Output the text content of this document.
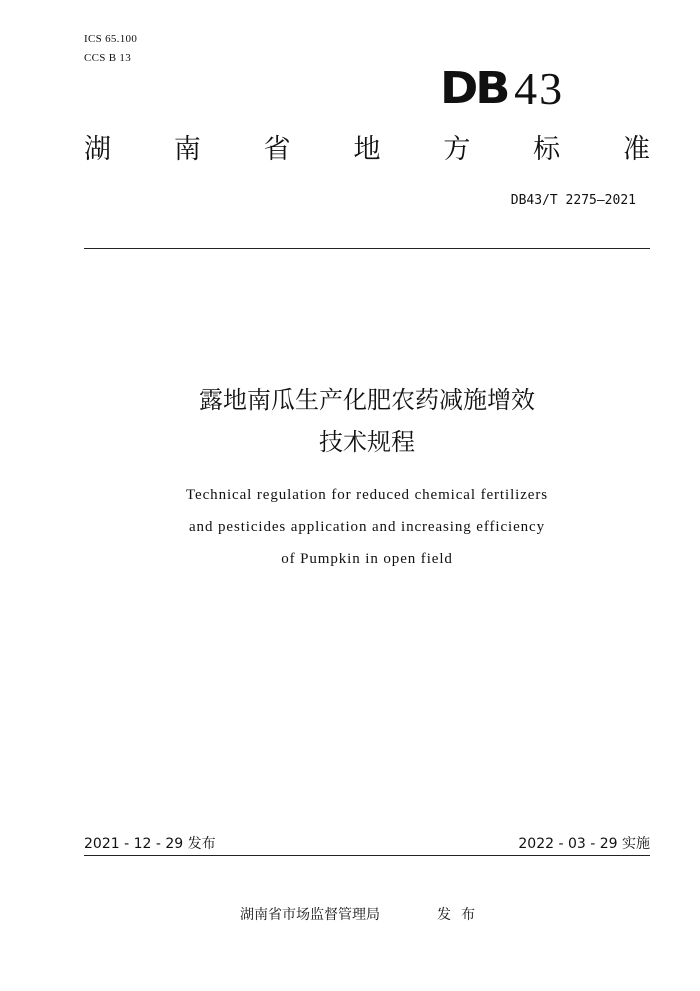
ICS 65.100
CCS B 13
DB 43
湖 南 省 地 方 标 准
DB43/T 2275—2021
露地南瓜生产化肥农药减施增效
技术规程
Technical regulation for reduced chemical fertilizers
and pesticides application and increasing efficiency
of Pumpkin in open field
2021 - 12 - 29 发布	2022 - 03 - 29 实施
湖南省市场监督管理局	发布
